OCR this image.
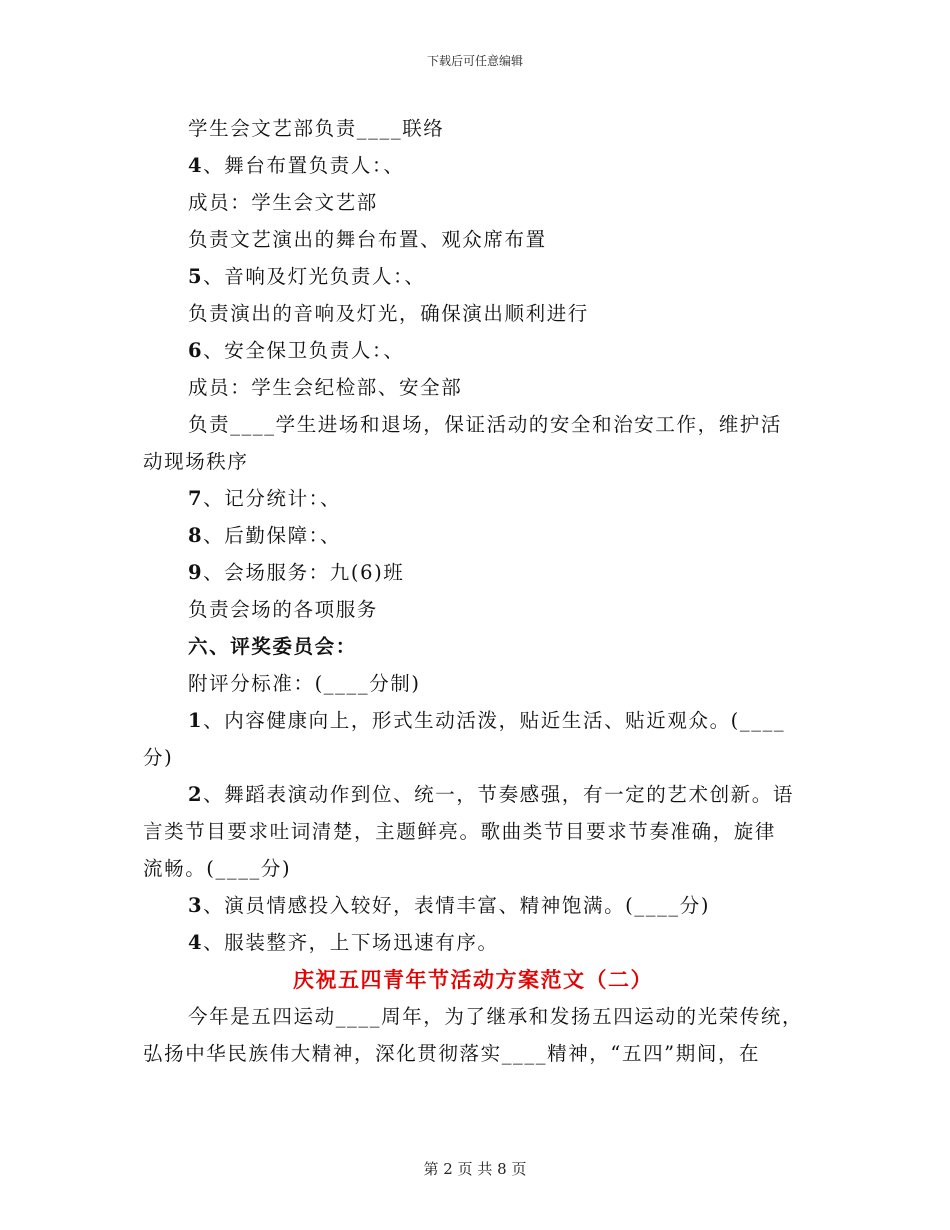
下载后可任意编辑
学生会文艺部负责____联络
4、舞台布置负责人：、
成员：学生会文艺部
负责文艺演出的舞台布置、观众席布置
5、音响及灯光负责人：、
负责演出的音响及灯光，确保演出顺利进行
6、安全保卫负责人：、
成员：学生会纪检部、安全部
负责____学生进场和退场，保证活动的安全和治安工作，维护活
动现场秩序
7、记分统计：、
8、后勤保障：、
9、会场服务：九(6)班
负责会场的各项服务
六、评奖委员会：
附评分标准：(____分制)
1、内容健康向上，形式生动活泼，贴近生活、贴近观众。(____
分)
2、舞蹈表演动作到位、统一，节奏感强，有一定的艺术创新。语
言类节目要求吐词清楚，主题鲜亮。歌曲类节目要求节奏准确，旋律
流畅。(____分)
3、演员情感投入较好，表情丰富、精神饱满。(____分)
4、服装整齐，上下场迅速有序。
庆祝五四青年节活动方案范文（二）
今年是五四运动____周年，为了继承和发扬五四运动的光荣传统，
弘扬中华民族伟大精神，深化贯彻落实____精神，“五四”期间，在
第 2 页 共 8 页
